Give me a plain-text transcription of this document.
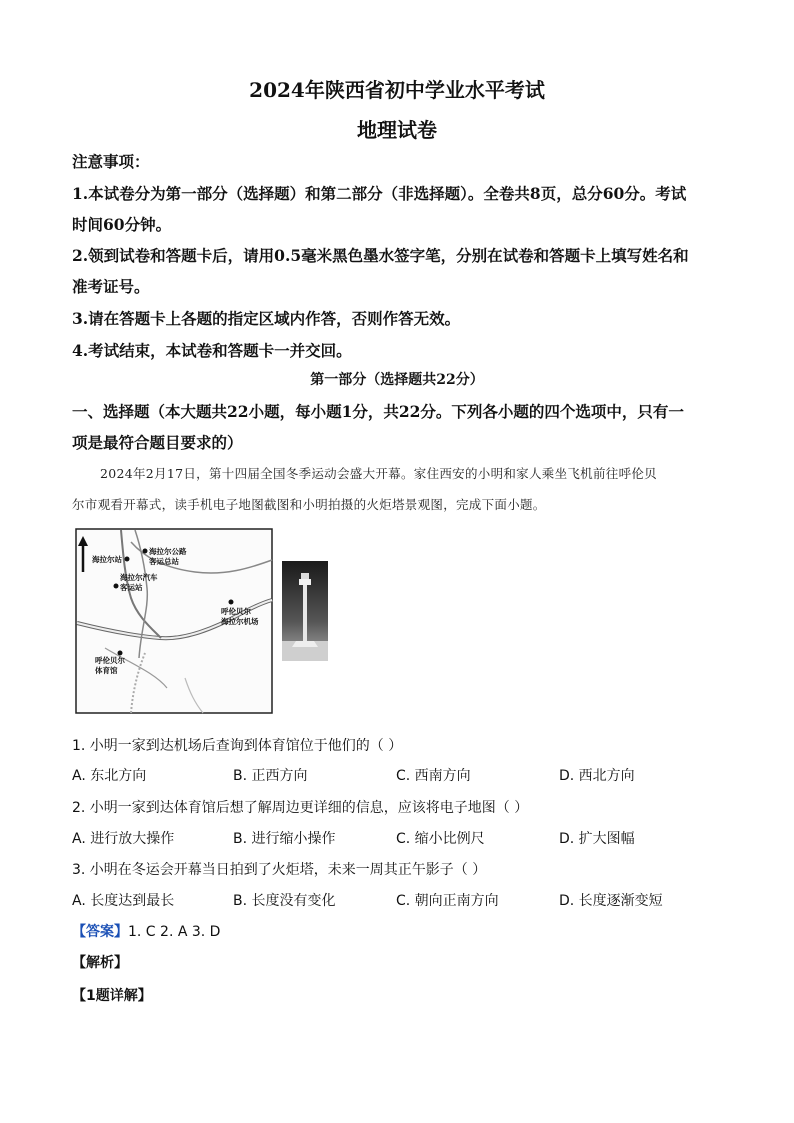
2024年陕西省初中学业水平考试
地理试卷
注意事项：
1.本试卷分为第一部分（选择题）和第二部分（非选择题）。全卷共8页，总分60分。考试
时间60分钟。
2.领到试卷和答题卡后，请用0.5毫米黑色墨水签字笔，分别在试卷和答题卡上填写姓名和
准考证号。
3.请在答题卡上各题的指定区域内作答，否则作答无效。
4.考试结束，本试卷和答题卡一并交回。
第一部分（选择题共22分）
一、选择题（本大题共22小题，每小题1分，共22分。下列各小题的四个选项中，只有一
项是最符合题目要求的）
2024年2月17日，第十四届全国冬季运动会盛大开幕。家住西安的小明和家人乘坐飞机前往呼伦贝
尔市观看开幕式，读手机电子地图截图和小明拍摄的火炬塔景观图，完成下面小题。
海拉尔站
海拉尔公路
客运总站
海拉尔汽车
客运站
呼伦贝尔
海拉尔机场
呼伦贝尔
体育馆
1. 小明一家到达机场后查询到体育馆位于他们的（ ）
A. 东北方向	B. 正西方向	C. 西南方向	D. 西北方向
2. 小明一家到达体育馆后想了解周边更详细的信息，应该将电子地图（ ）
A. 进行放大操作	B. 进行缩小操作	C. 缩小比例尺	D. 扩大图幅
3. 小明在冬运会开幕当日拍到了火炬塔，未来一周其正午影子（ ）
A. 长度达到最长	B. 长度没有变化	C. 朝向正南方向	D. 长度逐渐变短
【答案】1. C 2. A 3. D
【解析】
【1题详解】
